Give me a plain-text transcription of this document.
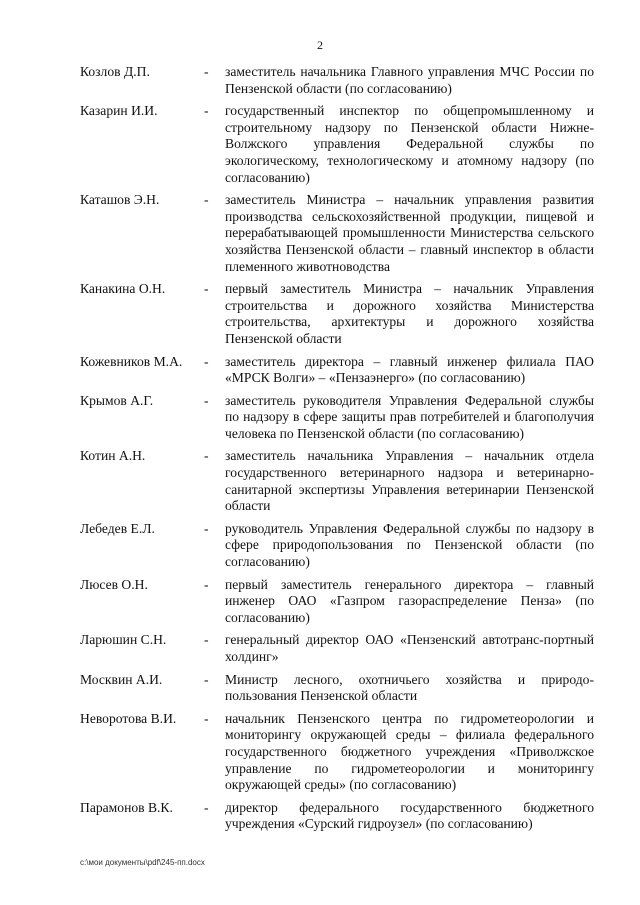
2
Козлов Д.П.	-	заместитель начальника Главного управления МЧС России по Пензенской области (по согласованию)
Казарин И.И.	-	государственный инспектор по общепромышленному и строительному надзору по Пензенской области Нижне-Волжского управления Федеральной службы по экологическому, технологическому и атомному надзору (по согласованию)
Каташов Э.Н.	-	заместитель Министра – начальник управления развития производства сельскохозяйственной продукции, пищевой и перерабатывающей промышленности Министерства сельского хозяйства Пензенской области – главный инспектор в области племенного животноводства
Канакина О.Н.	-	первый заместитель Министра – начальник Управления строительства и дорожного хозяйства Министерства строительства, архитектуры и дорожного хозяйства Пензенской области
Кожевников М.А.	-	заместитель директора – главный инженер филиала ПАО «МРСК Волги» – «Пензаэнерго» (по согласованию)
Крымов А.Г.	-	заместитель руководителя Управления Федеральной службы по надзору в сфере защиты прав потребителей и благополучия человека по Пензенской области (по согласованию)
Котин А.Н.	-	заместитель начальника Управления – начальник отдела государственного ветеринарного надзора и ветеринарно-санитарной экспертизы Управления ветеринарии Пензенской области
Лебедев Е.Л.	-	руководитель Управления Федеральной службы по надзору в сфере природопользования по Пензенской области (по согласованию)
Люсев О.Н.	-	первый заместитель генерального директора – главный инженер ОАО «Газпром газораспределение Пенза» (по согласованию)
Ларюшин С.Н.	-	генеральный директор ОАО «Пензенский автотранс-портный холдинг»
Москвин А.И.	-	Министр лесного, охотничьего хозяйства и природо-пользования Пензенской области
Неворотова В.И.	-	начальник Пензенского центра по гидрометеорологии и мониторингу окружающей среды – филиала федерального государственного бюджетного учреждения «Приволжское управление по гидрометеорологии и мониторингу окружающей среды» (по согласованию)
Парамонов В.К.	-	директор федерального государственного бюджетного учреждения «Сурский гидроузел» (по согласованию)
c:\мои документы\pdf\245-пп.docx
